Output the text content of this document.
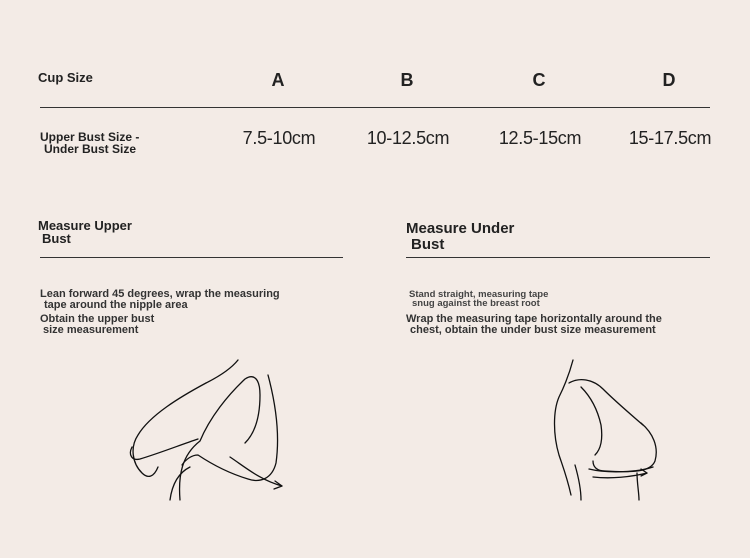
Cup Size	A	B	C	D
Upper Bust Size -
Under Bust Size
7.5-10cm	10-12.5cm	12.5-15cm	15-17.5cm
Measure Upper
Bust
Lean forward 45 degrees, wrap the measuring
tape around the nipple area
Obtain the upper bust
size measurement
Measure Under
Bust
Stand straight, measuring tape
snug against the breast root
Wrap the measuring tape horizontally around the
chest, obtain the under bust size measurement
